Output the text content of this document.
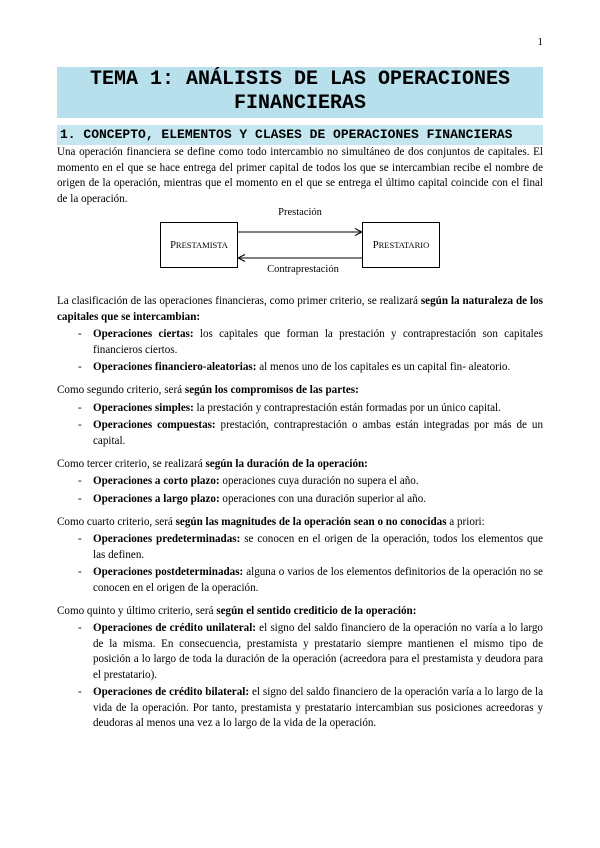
1
TEMA 1: ANÁLISIS DE LAS OPERACIONES FINANCIERAS
1. CONCEPTO, ELEMENTOS Y CLASES DE OPERACIONES FINANCIERAS

Una operación financiera se define como todo intercambio no simultáneo de dos conjuntos de capitales. El momento en el que se hace entrega del primer capital de todos los que se intercambian recibe el nombre de origen de la operación, mientras que el momento en el que se entrega el último capital coincide con el final de la operación.

Prestación
PRESTAMISTA	PRESTATARIO
Contraprestación

La clasificación de las operaciones financieras, como primer criterio, se realizará según la naturaleza de los capitales que se intercambian:

- Operaciones ciertas: los capitales que forman la prestación y contraprestación son capitales financieros ciertos.
- Operaciones financiero-aleatorias: al menos uno de los capitales es un capital fin- aleatorio.

Como segundo criterio, será según los compromisos de las partes:

- Operaciones simples: la prestación y contraprestación están formadas por un único capital.
- Operaciones compuestas: prestación, contraprestación o ambas están integradas por más de un capital.

Como tercer criterio, se realizará según la duración de la operación:

- Operaciones a corto plazo: operaciones cuya duración no supera el año.
- Operaciones a largo plazo: operaciones con una duración superior al año.

Como cuarto criterio, será según las magnitudes de la operación sean o no conocidas a priori:

- Operaciones predeterminadas: se conocen en el origen de la operación, todos los elementos que las definen.
- Operaciones postdeterminadas: alguna o varios de los elementos definitorios de la operación no se conocen en el origen de la operación.

Como quinto y último criterio, será según el sentido crediticio de la operación:

- Operaciones de crédito unilateral: el signo del saldo financiero de la operación no varía a lo largo de la misma. En consecuencia, prestamista y prestatario siempre mantienen el mismo tipo de posición a lo largo de toda la duración de la operación (acreedora para el prestamista y deudora para el prestatario).
- Operaciones de crédito bilateral: el signo del saldo financiero de la operación varía a lo largo de la vida de la operación. Por tanto, prestamista y prestatario intercambian sus posiciones acreedoras y deudoras al menos una vez a lo largo de la vida de la operación.
